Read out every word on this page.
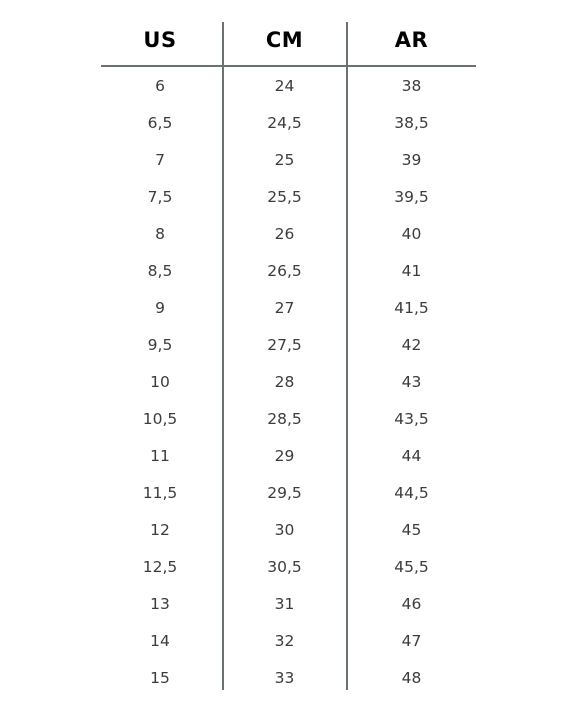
US	CM	AR
6	24	38
6,5	24,5	38,5
7	25	39
7,5	25,5	39,5
8	26	40
8,5	26,5	41
9	27	41,5
9,5	27,5	42
10	28	43
10,5	28,5	43,5
11	29	44
11,5	29,5	44,5
12	30	45
12,5	30,5	45,5
13	31	46
14	32	47
15	33	48
